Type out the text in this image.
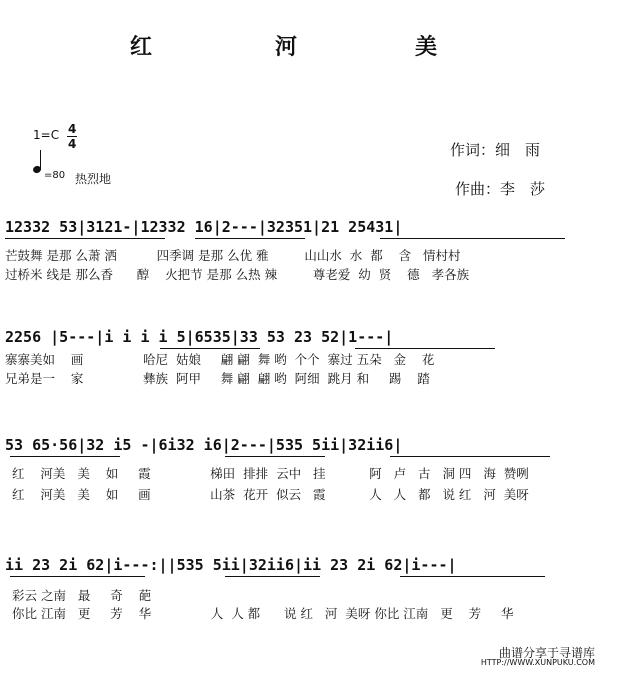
红	河	美
1=C 4
4
=80 热烈地
作词：细　雨
作曲：李　莎
12332 53|3121-|12332 16|2---|32351|21 25431|
芒鼓舞 是那 么萧 洒          四季调 是那 么优 雅         山山水  水  都    含   情村村
过桥米 线是 那么香      醇    火把节 是那 么热 辣         尊老爱  幼  贤    德   孝各族
2256 |5---|i i i i 5|6535|33 53 23 52|1---|
寨寨美如    画               哈尼  姑娘     翩 翩  舞 哟  个个  寨过 五朵   金    花
兄弟是一    家               彝族  阿甲     舞 翩  翩 哟  阿细  跳月 和     踢    踏
53 65·56|32 i5 -|6i32 i6|2---|535 5ii|32ii6|
红    河美   美    如     霞               梯田  排排  云中   挂           阿   卢   古   洞 四   海  赞咧
红    河美   美    如     画               山茶  花开  似云   霞           人   人   都   说 红   河  美呀
ii 23 2i 62|i---:||535 5ii|32ii6|ii 23 2i 62|i---|
彩云 之南   最     奇    葩
你比 江南   更     芳    华               人  人 都      说 红   河  美呀 你比 江南   更    芳     华
曲谱分享于寻谱库
HTTP://WWW.XUNPUKU.COM
